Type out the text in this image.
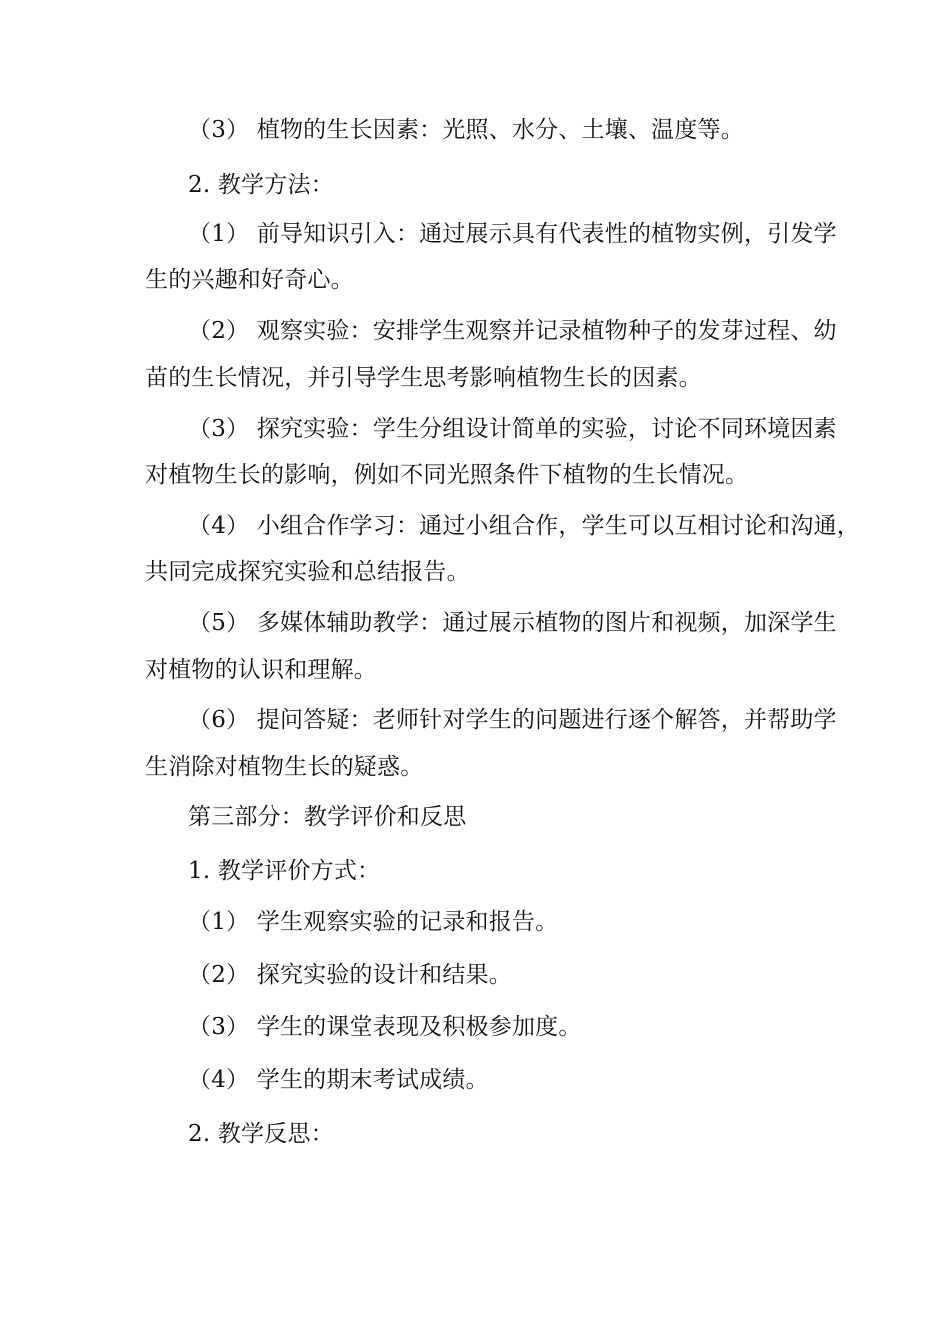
（3） 植物的生长因素：光照、水分、土壤、温度等。
2. 教学方法：
（1） 前导知识引入：通过展示具有代表性的植物实例，引发学
生的兴趣和好奇心。
（2） 观察实验：安排学生观察并记录植物种子的发芽过程、幼
苗的生长情况，并引导学生思考影响植物生长的因素。
（3） 探究实验：学生分组设计简单的实验，讨论不同环境因素
对植物生长的影响，例如不同光照条件下植物的生长情况。
（4） 小组合作学习：通过小组合作，学生可以互相讨论和沟通，
共同完成探究实验和总结报告。
（5） 多媒体辅助教学：通过展示植物的图片和视频，加深学生
对植物的认识和理解。
（6） 提问答疑：老师针对学生的问题进行逐个解答，并帮助学
生消除对植物生长的疑惑。
第三部分：教学评价和反思
1. 教学评价方式：
（1） 学生观察实验的记录和报告。
（2） 探究实验的设计和结果。
（3） 学生的课堂表现及积极参加度。
（4） 学生的期末考试成绩。
2. 教学反思：
